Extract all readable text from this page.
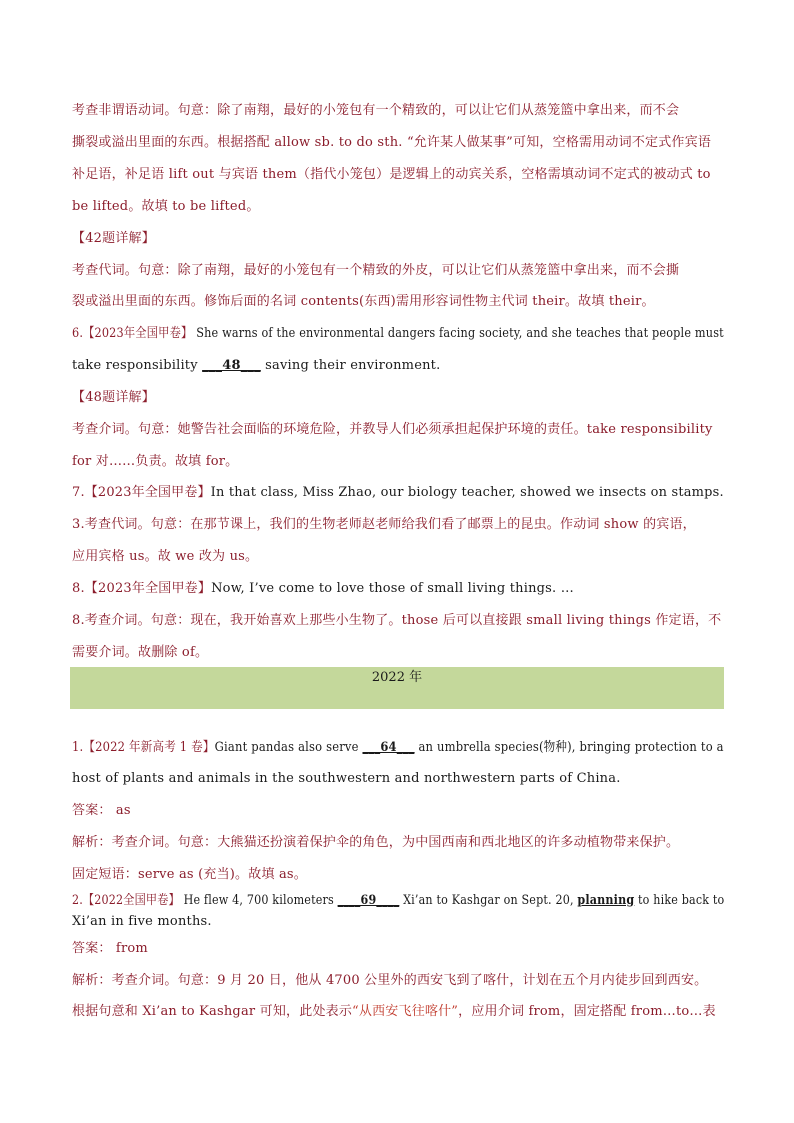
考查非谓语动词。句意：除了南翔，最好的小笼包有一个精致的，可以让它们从蒸笼篮中拿出来，而不会
撕裂或溢出里面的东西。根据搭配 allow sb. to do sth. “允许某人做某事”可知，空格需用动词不定式作宾语
补足语，补足语 lift out 与宾语 them（指代小笼包）是逻辑上的动宾关系，空格需填动词不定式的被动式 to
be lifted。故填 to be lifted。
【42题详解】
考查代词。句意：除了南翔，最好的小笼包有一个精致的外皮，可以让它们从蒸笼篮中拿出来，而不会撕
裂或溢出里面的东西。修饰后面的名词 contents(东西)需用形容词性物主代词 their。故填 their。
6.【2023年全国甲卷】 She warns of the environmental dangers facing society, and she teaches that people must
take responsibility ___48___ saving their environment.
【48题详解】
考查介词。句意：她警告社会面临的环境危险，并教导人们必须承担起保护环境的责任。take responsibility
for 对……负责。故填 for。
7.【2023年全国甲卷】In that class, Miss Zhao, our biology teacher, showed we insects on stamps.
3.考查代词。句意：在那节课上，我们的生物老师赵老师给我们看了邮票上的昆虫。作动词 show 的宾语，
应用宾格 us。故 we 改为 us。
8.【2023年全国甲卷】Now, I’ve come to love those of small living things. …
8.考查介词。句意：现在，我开始喜欢上那些小生物了。those 后可以直接跟 small living things 作定语，不
需要介词。故删除 of。
2022 年
1.【2022 年新高考 1 卷】Giant pandas also serve ___64___ an umbrella species(物种), bringing protection to a
host of plants and animals in the southwestern and northwestern parts of China.
答案： as
解析：考查介词。句意：大熊猫还扮演着保护伞的角色，为中国西南和西北地区的许多动植物带来保护。
固定短语：serve as (充当)。故填 as。
2.【2022全国甲卷】 He flew 4, 700 kilometers ____69____ Xi’an to Kashgar on Sept. 20, planning to hike back to
Xi’an in five months.
答案： from
解析：考查介词。句意：9 月 20 日，他从 4700 公里外的西安飞到了喀什，计划在五个月内徒步回到西安。
根据句意和 Xi’an to Kashgar 可知，此处表示“从西安飞往喀什”，应用介词 from，固定搭配 from…to…表
